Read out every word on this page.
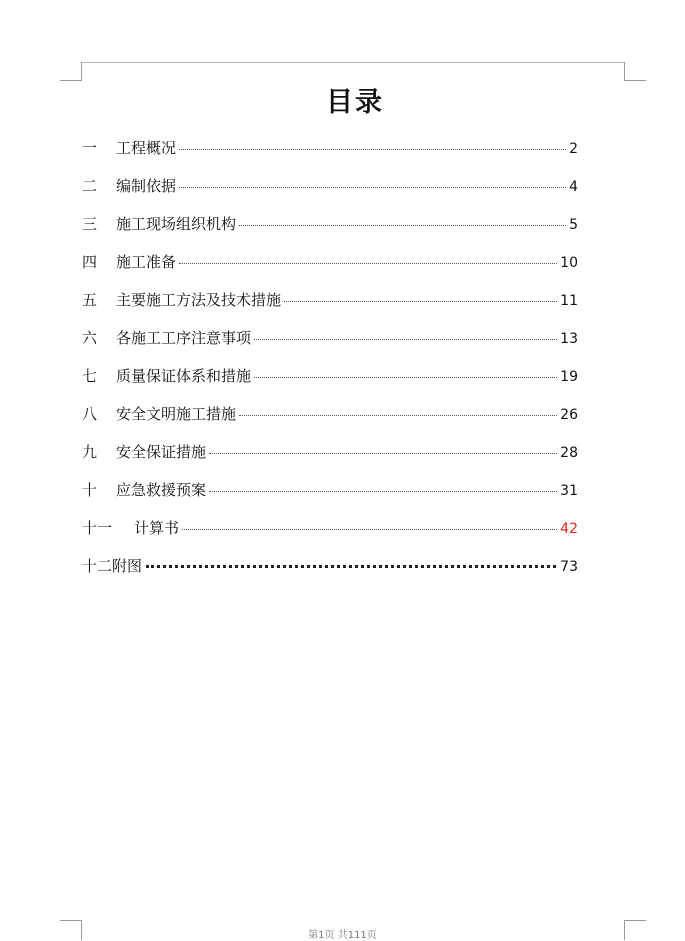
目录
一	工程概况	2
二	编制依据	4
三	施工现场组织机构	5
四	施工准备	10
五	主要施工方法及技术措施	11
六	各施工工序注意事项	13
七	质量保证体系和措施	19
八	安全文明施工措施	26
九	安全保证措施	28
十	应急救援预案	31
十一	计算书	42
十二 附图	73
第1页 共111页
